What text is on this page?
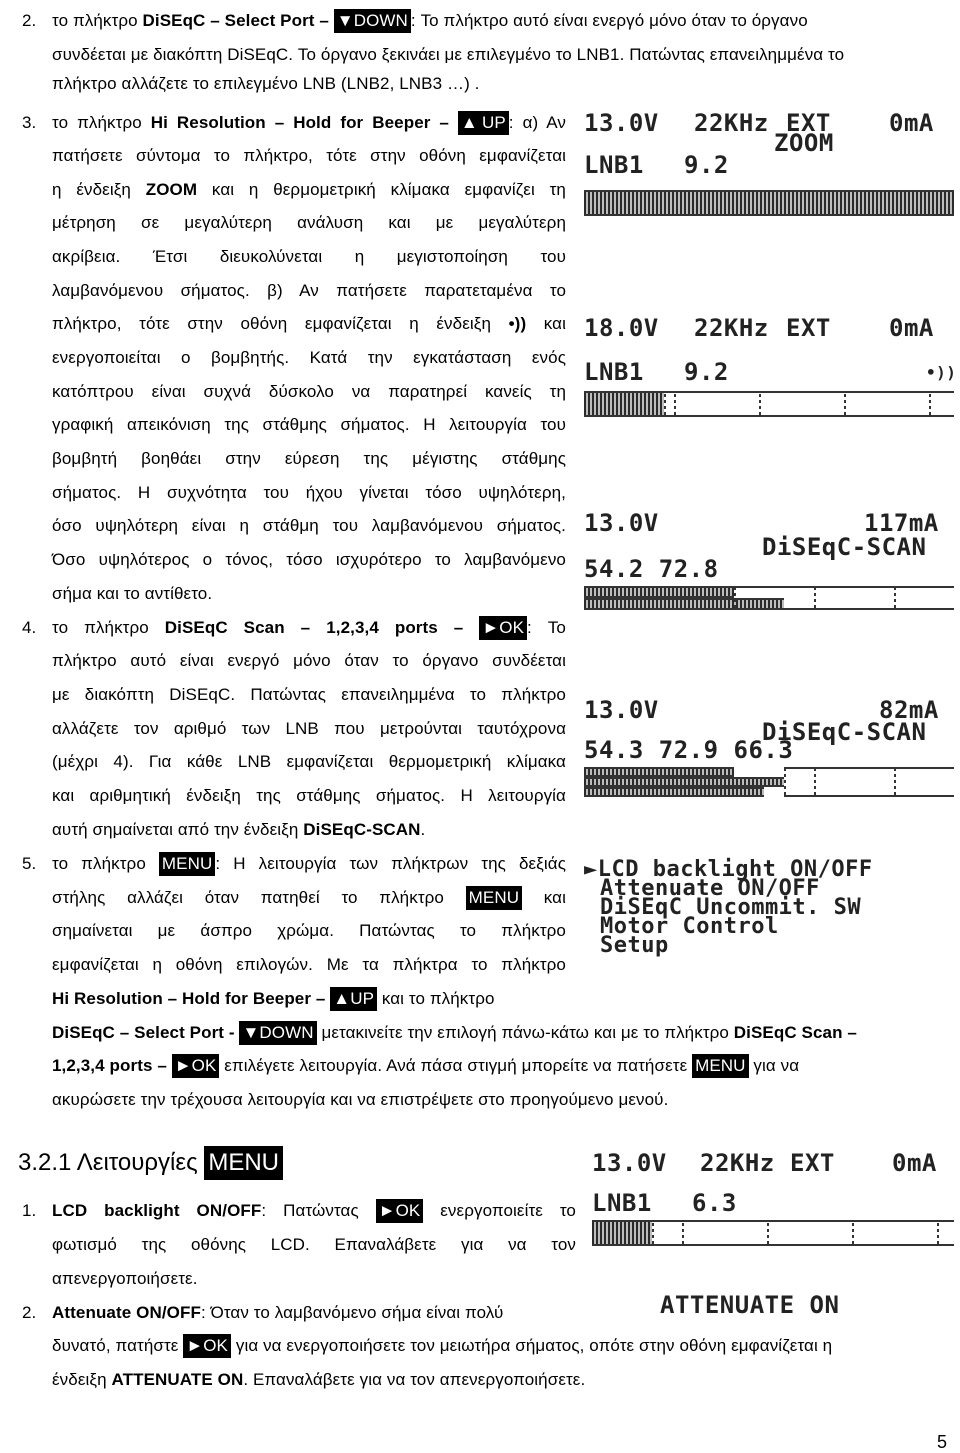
2. το πλήκτρο DiSEqC – Select Port – ▼DOWN : Το πλήκτρο αυτό είναι ενεργό μόνο όταν το όργανο
συνδέεται με διακόπτη DiSEqC. Το όργανο ξεκινάει με επιλεγμένο το LNB1. Πατώντας επανειλημμένα το
πλήκτρο αλλάζετε το επιλεγμένο LNB (LNB2, LNB3 …) .
3. το πλήκτρο Hi Resolution – Hold for Beeper – ▲UP : α) Αν
πατήσετε σύντομα το πλήκτρο, τότε στην οθόνη εμφανίζεται
η ένδειξη ZOOM και η θερμομετρική κλίμακα εμφανίζει τη
μέτρηση σε μεγαλύτερη ανάλυση και με μεγαλύτερη
ακρίβεια. Έτσι διευκολύνεται η μεγιστοποίηση του
λαμβανόμενου σήματος. β) Αν πατήσετε παρατεταμένα το
πλήκτρο, τότε στην οθόνη εμφανίζεται η ένδειξη •)) και
ενεργοποιείται ο βομβητής. Κατά την εγκατάσταση ενός
κατόπτρου είναι συχνά δύσκολο να παρατηρεί κανείς τη
γραφική απεικόνιση της στάθμης σήματος. Η λειτουργία του
βομβητή βοηθάει στην εύρεση της μέγιστης στάθμης
σήματος. Η συχνότητα του ήχου γίνεται τόσο υψηλότερη,
όσο υψηλότερη είναι η στάθμη του λαμβανόμενου σήματος.
Όσο υψηλότερος ο τόνος, τόσο ισχυρότερο το λαμβανόμενο
σήμα και το αντίθετο.
4. το πλήκτρο DiSEqC Scan – 1,2,3,4 ports – ►OK : Το
πλήκτρο αυτό είναι ενεργό μόνο όταν το όργανο συνδέεται
με διακόπτη DiSEqC. Πατώντας επανειλημμένα το πλήκτρο
αλλάζετε τον αριθμό των LNB που μετρούνται ταυτόχρονα
(μέχρι 4). Για κάθε LNB εμφανίζεται θερμομετρική κλίμακα
και αριθμητική ένδειξη της στάθμης σήματος. Η λειτουργία
αυτή σημαίνεται από την ένδειξη DiSEqC-SCAN.
5. το πλήκτρο MENU : Η λειτουργία των πλήκτρων της δεξιάς
στήλης αλλάζει όταν πατηθεί το πλήκτρο MENU και
σημαίνεται με άσπρο χρώμα. Πατώντας το πλήκτρο
εμφανίζεται η οθόνη επιλογών. Με τα πλήκτρα το πλήκτρο
Hi Resolution – Hold for Beeper – ▲UP και το πλήκτρο
DiSEqC – Select Port - ▼DOWN μετακινείτε την επιλογή πάνω-κάτω και με το πλήκτρο DiSEqC Scan –
1,2,3,4 ports – ►OK επιλέγετε λειτουργία. Ανά πάσα στιγμή μπορείτε να πατήσετε MENU για να
ακυρώσετε την τρέχουσα λειτουργία και να επιστρέψετε στο προηγούμενο μενού.
3.2.1 Λειτουργίες MENU
1. LCD backlight ON/OFF: Πατώντας ►OK ενεργοποιείτε το
φωτισμό της οθόνης LCD. Επαναλάβετε για να τον
απενεργοποιήσετε.
2. Attenuate ON/OFF: Όταν το λαμβανόμενο σήμα είναι πολύ
δυνατό, πατήστε ►OK για να ενεργοποιήσετε τον μειωτήρα σήματος, οπότε στην οθόνη εμφανίζεται η
ένδειξη ATTENUATE ON. Επαναλάβετε για να τον απενεργοποιήσετε.
13.0V 22KHz EXT 0mA
ZOOM
LNB1 9.2
18.0V 22KHz EXT 0mA
LNB1 9.2	•))
13.0V	117mA
DiSEqC-SCAN
54.2 72.8
13.0V	82mA
DiSEqC-SCAN
54.3 72.9 66.3
►LCD backlight ON/OFF
Attenuate ON/OFF
DiSEqC Uncommit. SW
Motor Control
Setup
13.0V 22KHz EXT 0mA
LNB1 6.3
ATTENUATE ON
5
